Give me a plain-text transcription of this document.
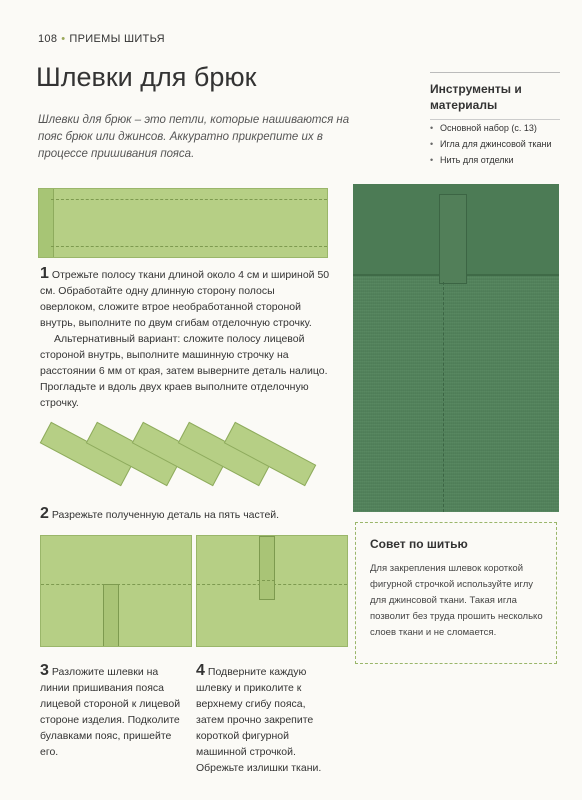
108 • ПРИЕМЫ ШИТЬЯ
Шлевки для брюк

Шлевки для брюк – это петли, которые нашиваются на пояс брюк или джинсов. Аккуратно прикрепите их в процессе пришивания пояса.

Инструменты и материалы
• Основной набор (с. 13)
• Игла для джинсовой ткани
• Нить для отделки

1 Отрежьте полосу ткани длиной около 4 см и шириной 50 см. Обработайте одну длинную сторону полосы оверлоком, сложите втрое необработанной стороной внутрь, выполните по двум сгибам отделочную строчку.

Альтернативный вариант: сложите полосу лицевой стороной внутрь, выполните машинную строчку на расстоянии 6 мм от края, затем выверните деталь налицо. Прогладьте и вдоль двух краев выполните отделочную строчку.

2 Разрежьте полученную деталь на пять частей.

Совет по шитью
Для закрепления шлевок короткой фигурной строчкой используйте иглу для джинсовой ткани. Такая игла позволит без труда прошить несколько слоев ткани и не сломается.

3 Разложите шлевки на линии пришивания пояса лицевой стороной к лицевой стороне изделия. Подколите булавками пояс, пришейте его.

4 Подверните каждую шлевку и приколите к верхнему сгибу пояса, затем прочно закрепите короткой фигурной машинной строчкой. Обрежьте излишки ткани.
